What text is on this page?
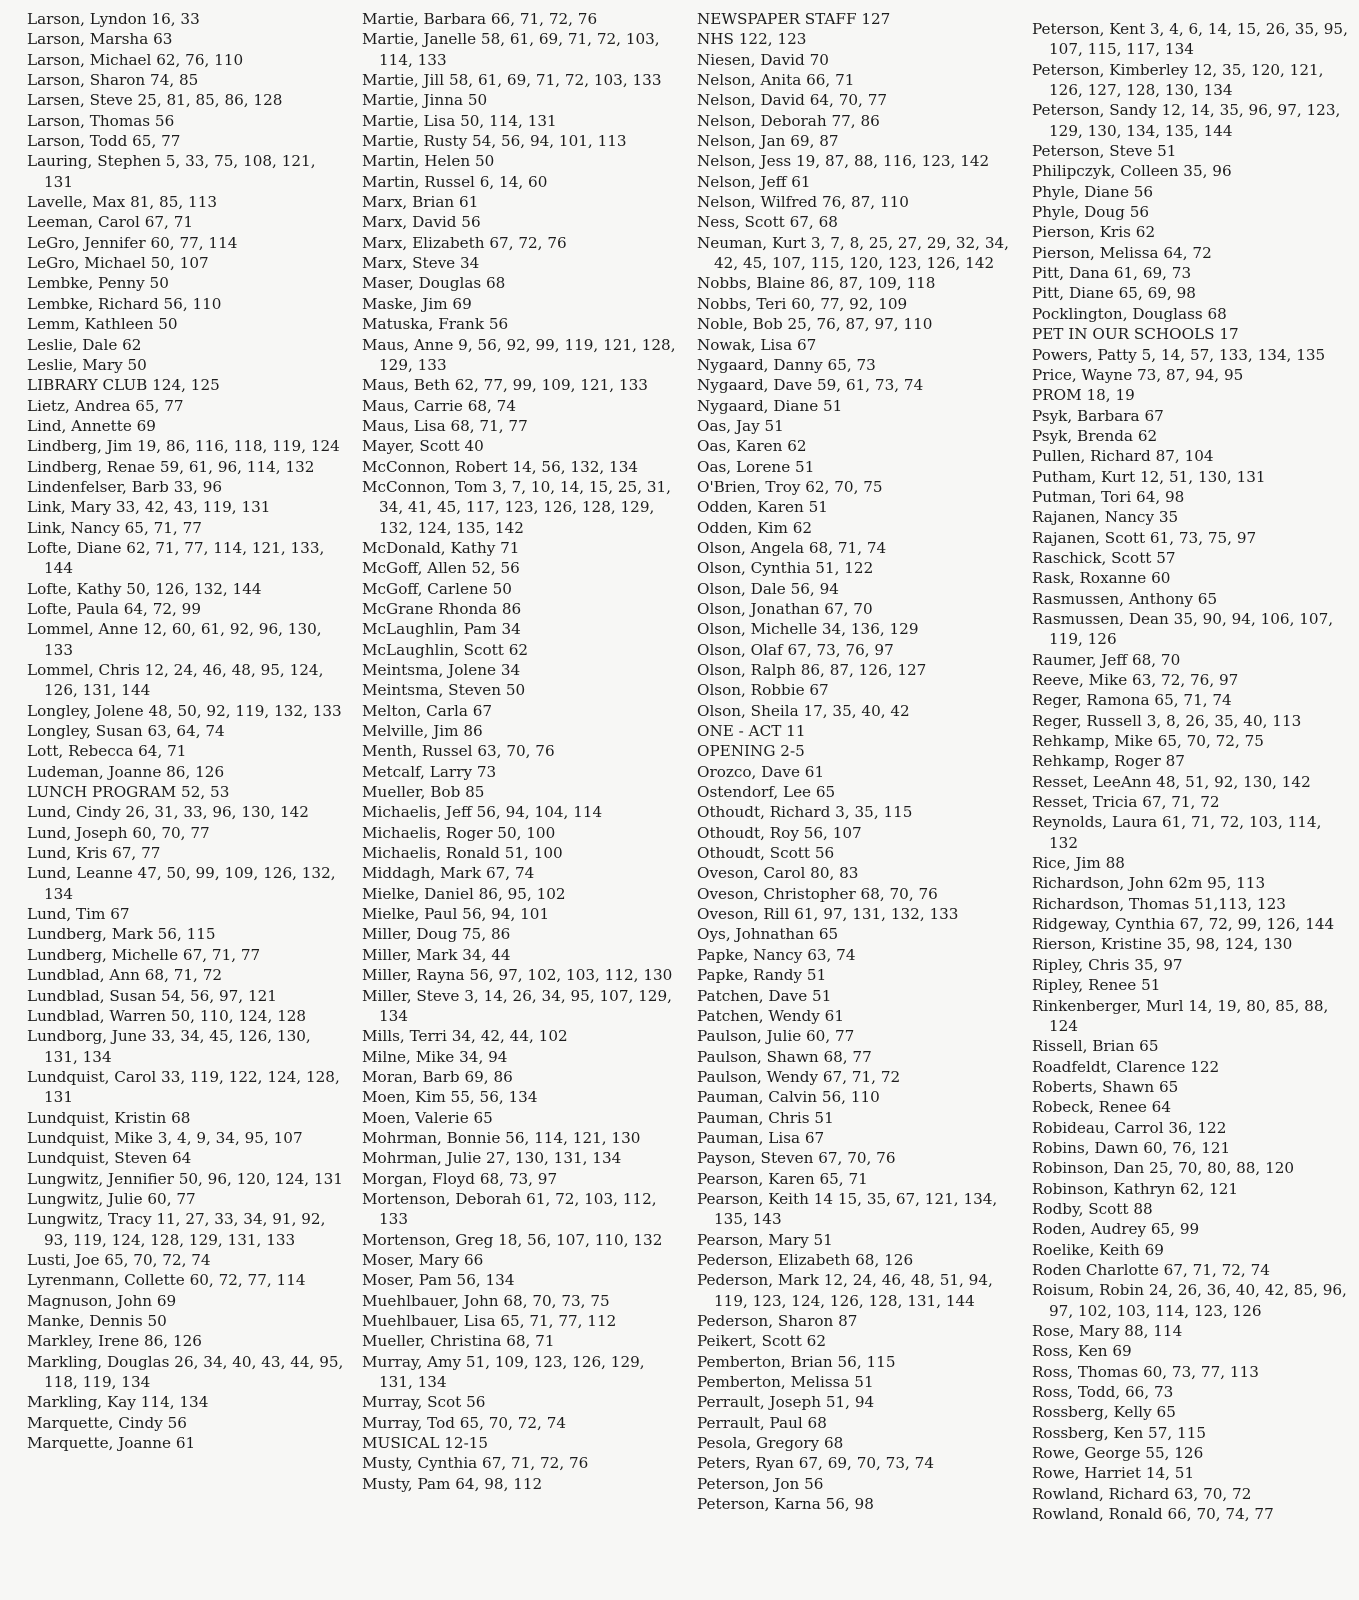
Larson, Lyndon 16, 33
Larson, Marsha 63
Larson, Michael 62, 76, 110
Larson, Sharon 74, 85
Larsen, Steve 25, 81, 85, 86, 128
Larson, Thomas 56
Larson, Todd 65, 77
Lauring, Stephen 5, 33, 75, 108, 121, 131
Lavelle, Max 81, 85, 113
Leeman, Carol 67, 71
LeGro, Jennifer 60, 77, 114
LeGro, Michael 50, 107
Lembke, Penny 50
Lembke, Richard 56, 110
Lemm, Kathleen 50
Leslie, Dale 62
Leslie, Mary 50
LIBRARY CLUB 124, 125
Lietz, Andrea 65, 77
Lind, Annette 69
Lindberg, Jim 19, 86, 116, 118, 119, 124
Lindberg, Renae 59, 61, 96, 114, 132
Lindenfelser, Barb 33, 96
Link, Mary 33, 42, 43, 119, 131
Link, Nancy 65, 71, 77
Lofte, Diane 62, 71, 77, 114, 121, 133, 144
Lofte, Kathy 50, 126, 132, 144
Lofte, Paula 64, 72, 99
Lommel, Anne 12, 60, 61, 92, 96, 130, 133
Lommel, Chris 12, 24, 46, 48, 95, 124, 126, 131, 144
Longley, Jolene 48, 50, 92, 119, 132, 133
Longley, Susan 63, 64, 74
Lott, Rebecca 64, 71
Ludeman, Joanne 86, 126
LUNCH PROGRAM 52, 53
Lund, Cindy 26, 31, 33, 96, 130, 142
Lund, Joseph 60, 70, 77
Lund, Kris 67, 77
Lund, Leanne 47, 50, 99, 109, 126, 132, 134
Lund, Tim 67
Lundberg, Mark 56, 115
Lundberg, Michelle 67, 71, 77
Lundblad, Ann 68, 71, 72
Lundblad, Susan 54, 56, 97, 121
Lundblad, Warren 50, 110, 124, 128
Lundborg, June 33, 34, 45, 126, 130, 131, 134
Lundquist, Carol 33, 119, 122, 124, 128, 131
Lundquist, Kristin 68
Lundquist, Mike 3, 4, 9, 34, 95, 107
Lundquist, Steven 64
Lungwitz, Jennifier 50, 96, 120, 124, 131
Lungwitz, Julie 60, 77
Lungwitz, Tracy 11, 27, 33, 34, 91, 92, 93, 119, 124, 128, 129, 131, 133
Lusti, Joe 65, 70, 72, 74
Lyrenmann, Collette 60, 72, 77, 114
Magnuson, John 69
Manke, Dennis 50
Markley, Irene 86, 126
Markling, Douglas 26, 34, 40, 43, 44, 95, 118, 119, 134
Markling, Kay 114, 134
Marquette, Cindy 56
Marquette, Joanne 61
Martie, Barbara 66, 71, 72, 76
Martie, Janelle 58, 61, 69, 71, 72, 103, 114, 133
Martie, Jill 58, 61, 69, 71, 72, 103, 133
Martie, Jinna 50
Martie, Lisa 50, 114, 131
Martie, Rusty 54, 56, 94, 101, 113
Martin, Helen 50
Martin, Russel 6, 14, 60
Marx, Brian 61
Marx, David 56
Marx, Elizabeth 67, 72, 76
Marx, Steve 34
Maser, Douglas 68
Maske, Jim 69
Matuska, Frank 56
Maus, Anne 9, 56, 92, 99, 119, 121, 128, 129, 133
Maus, Beth 62, 77, 99, 109, 121, 133
Maus, Carrie 68, 74
Maus, Lisa 68, 71, 77
Mayer, Scott 40
McConnon, Robert 14, 56, 132, 134
McConnon, Tom 3, 7, 10, 14, 15, 25, 31, 34, 41, 45, 117, 123, 126, 128, 129, 132, 124, 135, 142
McDonald, Kathy 71
McGoff, Allen 52, 56
McGoff, Carlene 50
McGrane Rhonda 86
McLaughlin, Pam 34
McLaughlin, Scott 62
Meintsma, Jolene 34
Meintsma, Steven 50
Melton, Carla 67
Melville, Jim 86
Menth, Russel 63, 70, 76
Metcalf, Larry 73
Mueller, Bob 85
Michaelis, Jeff 56, 94, 104, 114
Michaelis, Roger 50, 100
Michaelis, Ronald 51, 100
Middagh, Mark 67, 74
Mielke, Daniel 86, 95, 102
Mielke, Paul 56, 94, 101
Miller, Doug 75, 86
Miller, Mark 34, 44
Miller, Rayna 56, 97, 102, 103, 112, 130
Miller, Steve 3, 14, 26, 34, 95, 107, 129, 134
Mills, Terri 34, 42, 44, 102
Milne, Mike 34, 94
Moran, Barb 69, 86
Moen, Kim 55, 56, 134
Moen, Valerie 65
Mohrman, Bonnie 56, 114, 121, 130
Mohrman, Julie 27, 130, 131, 134
Morgan, Floyd 68, 73, 97
Mortenson, Deborah 61, 72, 103, 112, 133
Mortenson, Greg 18, 56, 107, 110, 132
Moser, Mary 66
Moser, Pam 56, 134
Muehlbauer, John 68, 70, 73, 75
Muehlbauer, Lisa 65, 71, 77, 112
Mueller, Christina 68, 71
Murray, Amy 51, 109, 123, 126, 129, 131, 134
Murray, Scot 56
Murray, Tod 65, 70, 72, 74
MUSICAL 12-15
Musty, Cynthia 67, 71, 72, 76
Musty, Pam 64, 98, 112
NEWSPAPER STAFF 127
NHS 122, 123
Niesen, David 70
Nelson, Anita 66, 71
Nelson, David 64, 70, 77
Nelson, Deborah 77, 86
Nelson, Jan 69, 87
Nelson, Jess 19, 87, 88, 116, 123, 142
Nelson, Jeff 61
Nelson, Wilfred 76, 87, 110
Ness, Scott 67, 68
Neuman, Kurt 3, 7, 8, 25, 27, 29, 32, 34, 42, 45, 107, 115, 120, 123, 126, 142
Nobbs, Blaine 86, 87, 109, 118
Nobbs, Teri 60, 77, 92, 109
Noble, Bob 25, 76, 87, 97, 110
Nowak, Lisa 67
Nygaard, Danny 65, 73
Nygaard, Dave 59, 61, 73, 74
Nygaard, Diane 51
Oas, Jay 51
Oas, Karen 62
Oas, Lorene 51
O'Brien, Troy 62, 70, 75
Odden, Karen 51
Odden, Kim 62
Olson, Angela 68, 71, 74
Olson, Cynthia 51, 122
Olson, Dale 56, 94
Olson, Jonathan 67, 70
Olson, Michelle 34, 136, 129
Olson, Olaf 67, 73, 76, 97
Olson, Ralph 86, 87, 126, 127
Olson, Robbie 67
Olson, Sheila 17, 35, 40, 42
ONE - ACT 11
OPENING 2-5
Orozco, Dave 61
Ostendorf, Lee 65
Othoudt, Richard 3, 35, 115
Othoudt, Roy 56, 107
Othoudt, Scott 56
Oveson, Carol 80, 83
Oveson, Christopher 68, 70, 76
Oveson, Rill 61, 97, 131, 132, 133
Oys, Johnathan 65
Papke, Nancy 63, 74
Papke, Randy 51
Patchen, Dave 51
Patchen, Wendy 61
Paulson, Julie 60, 77
Paulson, Shawn 68, 77
Paulson, Wendy 67, 71, 72
Pauman, Calvin 56, 110
Pauman, Chris 51
Pauman, Lisa 67
Payson, Steven 67, 70, 76
Pearson, Karen 65, 71
Pearson, Keith 14 15, 35, 67, 121, 134, 135, 143
Pearson, Mary 51
Pederson, Elizabeth 68, 126
Pederson, Mark 12, 24, 46, 48, 51, 94, 119, 123, 124, 126, 128, 131, 144
Pederson, Sharon 87
Peikert, Scott 62
Pemberton, Brian 56, 115
Pemberton, Melissa 51
Perrault, Joseph 51, 94
Perrault, Paul 68
Pesola, Gregory 68
Peters, Ryan 67, 69, 70, 73, 74
Peterson, Jon 56
Peterson, Karna 56, 98
Peterson, Kent 3, 4, 6, 14, 15, 26, 35, 95, 107, 115, 117, 134
Peterson, Kimberley 12, 35, 120, 121, 126, 127, 128, 130, 134
Peterson, Sandy 12, 14, 35, 96, 97, 123, 129, 130, 134, 135, 144
Peterson, Steve 51
Philipczyk, Colleen 35, 96
Phyle, Diane 56
Phyle, Doug 56
Pierson, Kris 62
Pierson, Melissa 64, 72
Pitt, Dana 61, 69, 73
Pitt, Diane 65, 69, 98
Pocklington, Douglass 68
PET IN OUR SCHOOLS 17
Powers, Patty 5, 14, 57, 133, 134, 135
Price, Wayne 73, 87, 94, 95
PROM 18, 19
Psyk, Barbara 67
Psyk, Brenda 62
Pullen, Richard 87, 104
Putham, Kurt 12, 51, 130, 131
Putman, Tori 64, 98
Rajanen, Nancy 35
Rajanen, Scott 61, 73, 75, 97
Raschick, Scott 57
Rask, Roxanne 60
Rasmussen, Anthony 65
Rasmussen, Dean 35, 90, 94, 106, 107, 119, 126
Raumer, Jeff 68, 70
Reeve, Mike 63, 72, 76, 97
Reger, Ramona 65, 71, 74
Reger, Russell 3, 8, 26, 35, 40, 113
Rehkamp, Mike 65, 70, 72, 75
Rehkamp, Roger 87
Resset, LeeAnn 48, 51, 92, 130, 142
Resset, Tricia 67, 71, 72
Reynolds, Laura 61, 71, 72, 103, 114, 132
Rice, Jim 88
Richardson, John 62m 95, 113
Richardson, Thomas 51,113, 123
Ridgeway, Cynthia 67, 72, 99, 126, 144
Rierson, Kristine 35, 98, 124, 130
Ripley, Chris 35, 97
Ripley, Renee 51
Rinkenberger, Murl 14, 19, 80, 85, 88, 124
Rissell, Brian 65
Roadfeldt, Clarence 122
Roberts, Shawn 65
Robeck, Renee 64
Robideau, Carrol 36, 122
Robins, Dawn 60, 76, 121
Robinson, Dan 25, 70, 80, 88, 120
Robinson, Kathryn 62, 121
Rodby, Scott 88
Roden, Audrey 65, 99
Roelike, Keith 69
Roden Charlotte 67, 71, 72, 74
Roisum, Robin 24, 26, 36, 40, 42, 85, 96, 97, 102, 103, 114, 123, 126
Rose, Mary 88, 114
Ross, Ken 69
Ross, Thomas 60, 73, 77, 113
Ross, Todd, 66, 73
Rossberg, Kelly 65
Rossberg, Ken 57, 115
Rowe, George 55, 126
Rowe, Harriet 14, 51
Rowland, Richard 63, 70, 72
Rowland, Ronald 66, 70, 74, 77
